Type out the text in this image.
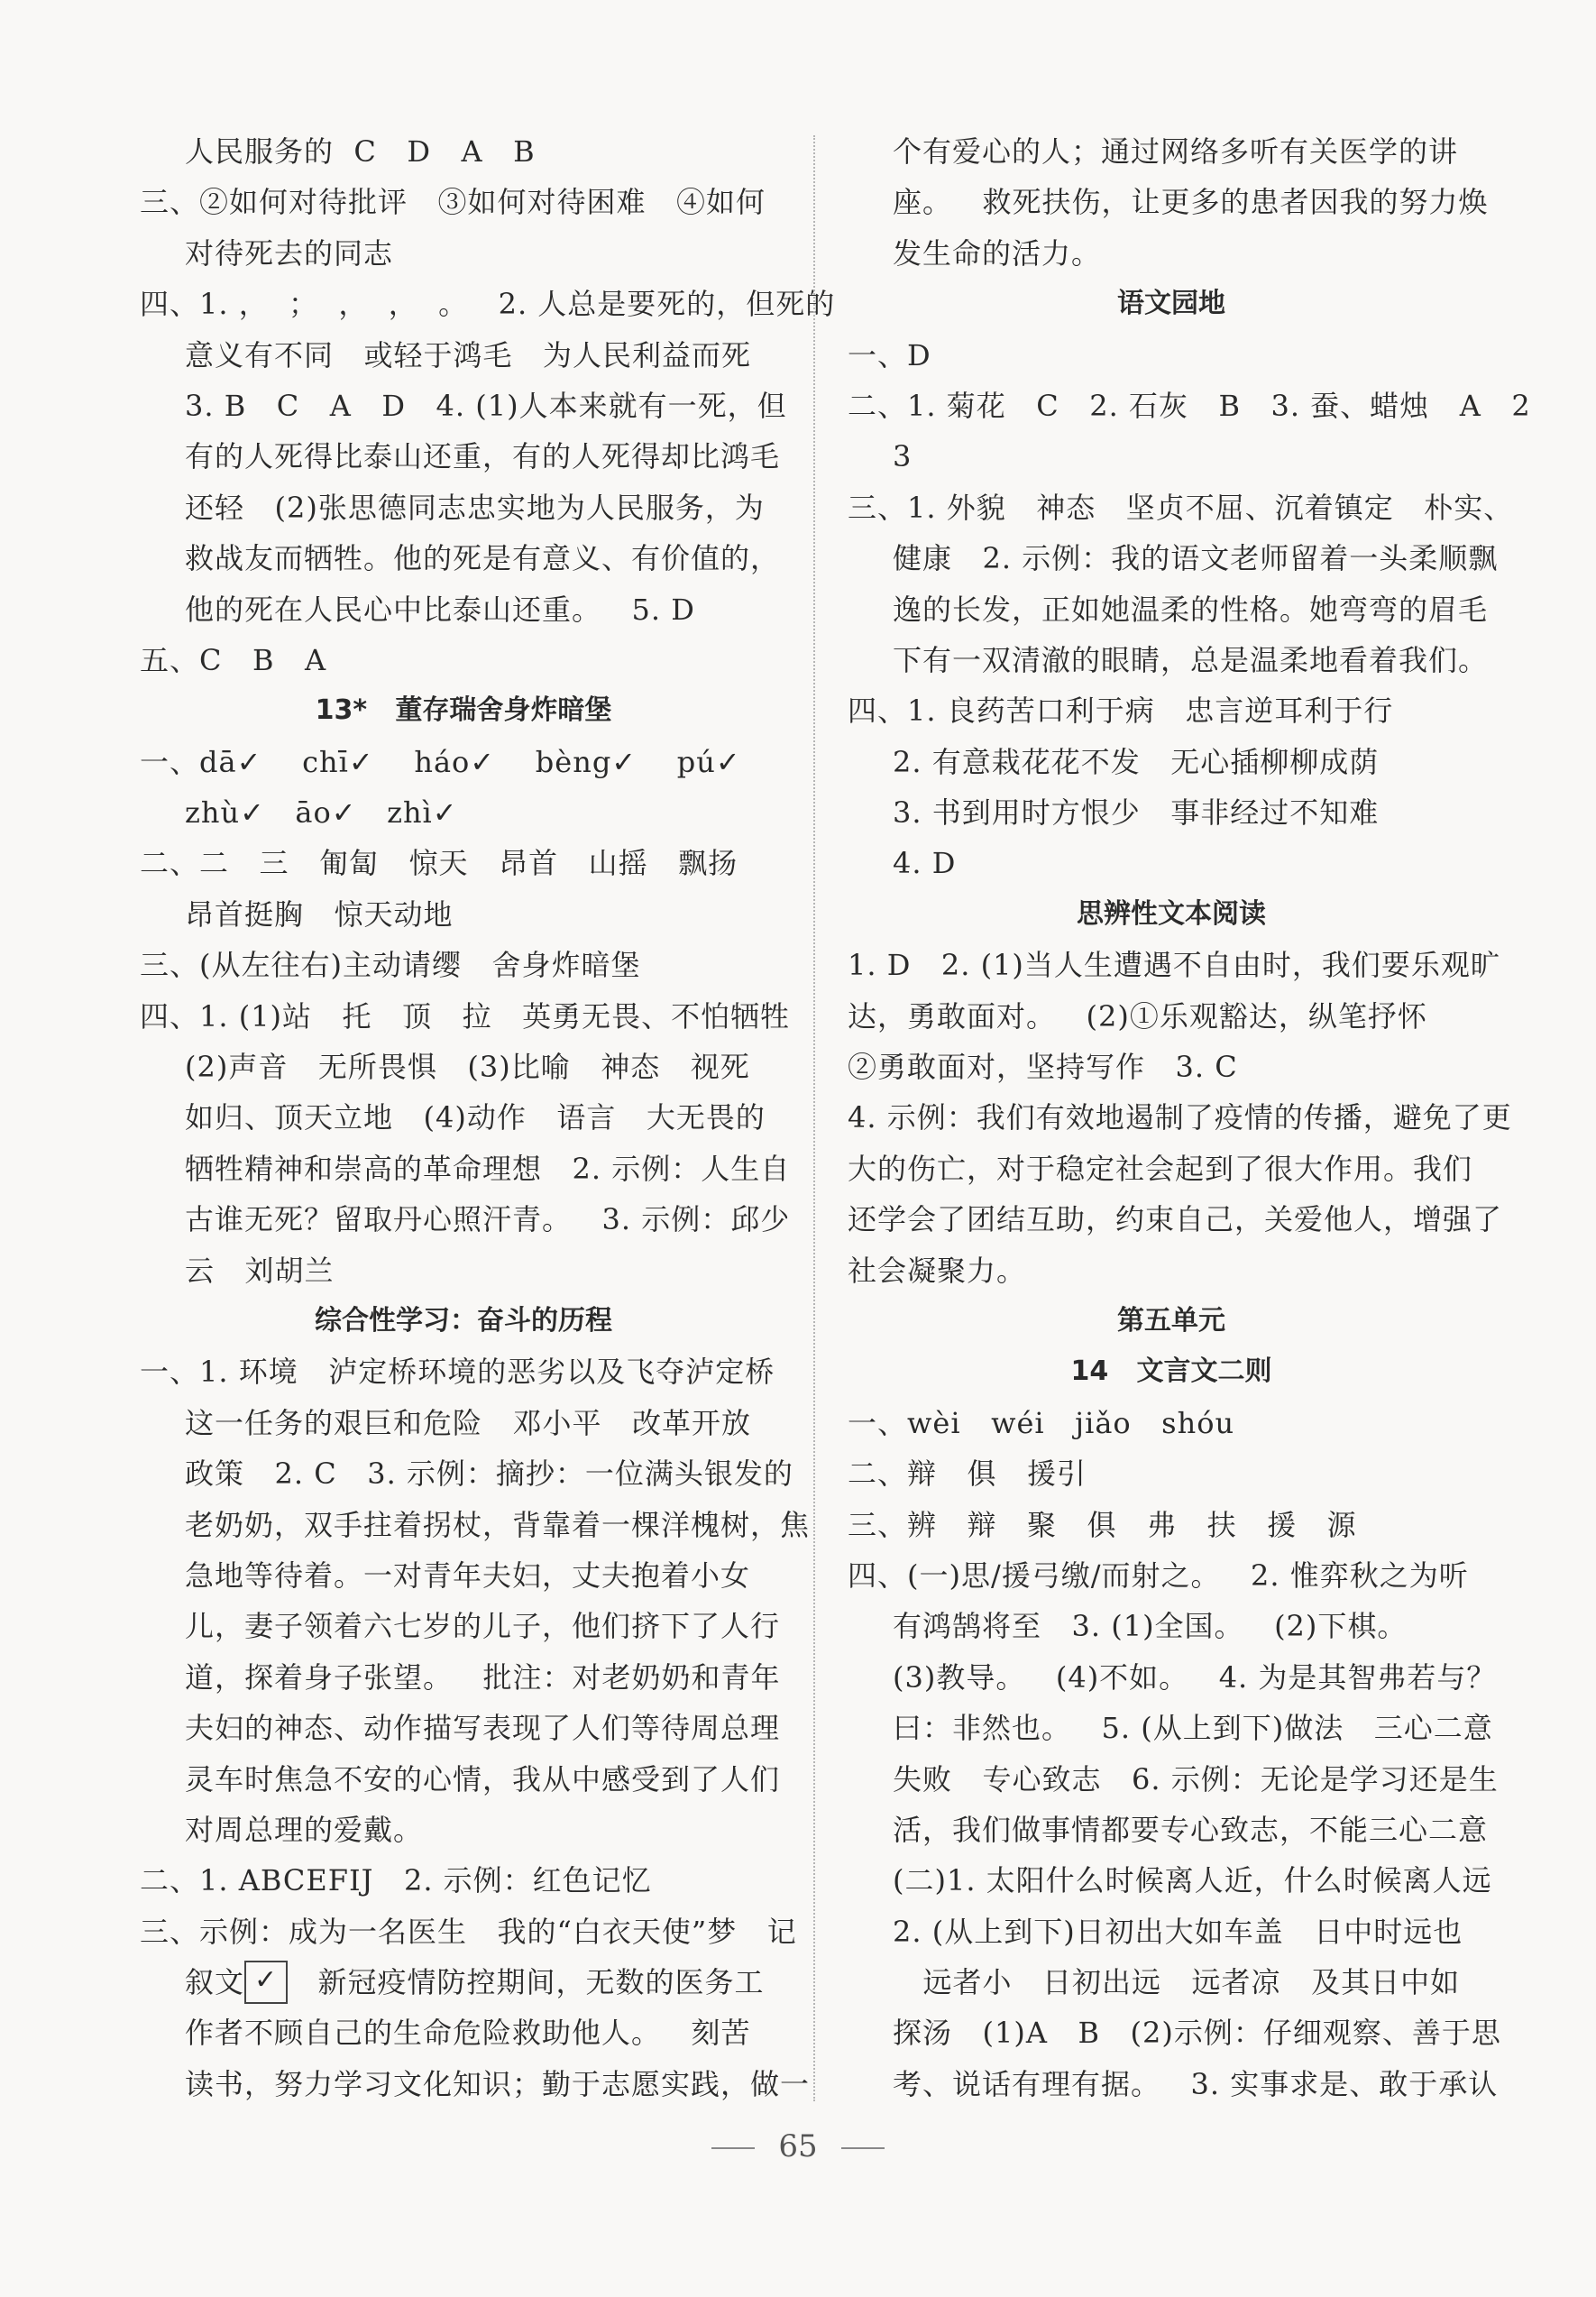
人民服务的  C   D   A   B
三、②如何对待批评   ③如何对待困难   ④如何
对待死去的同志
四、1. ，  ；  ，  ，  。   2. 人总是要死的，但死的
意义有不同   或轻于鸿毛   为人民利益而死
3. B   C   A   D   4. (1)人本来就有一死，但
有的人死得比泰山还重，有的人死得却比鸿毛
还轻   (2)张思德同志忠实地为人民服务，为
救战友而牺牲。他的死是有意义、有价值的，
他的死在人民心中比泰山还重。   5. D
五、C   B   A
13*   董存瑞舍身炸暗堡
一、dā✓    chī✓    háo✓    bèng✓    pú✓
zhù✓   āo✓   zhì✓
二、二   三   匍匐   惊天   昂首   山摇   飘扬
昂首挺胸   惊天动地
三、(从左往右)主动请缨   舍身炸暗堡
四、1. (1)站   托   顶   拉   英勇无畏、不怕牺牲
(2)声音   无所畏惧   (3)比喻   神态   视死
如归、顶天立地   (4)动作   语言   大无畏的
牺牲精神和崇高的革命理想   2. 示例：人生自
古谁无死？留取丹心照汗青。   3. 示例：邱少
云   刘胡兰
综合性学习：奋斗的历程
一、1. 环境   泸定桥环境的恶劣以及飞夺泸定桥
这一任务的艰巨和危险   邓小平   改革开放
政策   2. C   3. 示例：摘抄：一位满头银发的
老奶奶，双手拄着拐杖，背靠着一棵洋槐树，焦
急地等待着。一对青年夫妇，丈夫抱着小女
儿，妻子领着六七岁的儿子，他们挤下了人行
道，探着身子张望。   批注：对老奶奶和青年
夫妇的神态、动作描写表现了人们等待周总理
灵车时焦急不安的心情，我从中感受到了人们
对周总理的爱戴。
二、1. ABCEFIJ   2. 示例：红色记忆
三、示例：成为一名医生   我的“白衣天使”梦   记
叙文 ✓   新冠疫情防控期间，无数的医务工
作者不顾自己的生命危险救助他人。   刻苦
读书，努力学习文化知识；勤于志愿实践，做一
个有爱心的人；通过网络多听有关医学的讲
座。   救死扶伤，让更多的患者因我的努力焕
发生命的活力。
语文园地
一、D
二、1. 菊花   C   2. 石灰   B   3. 蚕、蜡烛   A   2
3
三、1. 外貌   神态   坚贞不屈、沉着镇定   朴实、
健康   2. 示例：我的语文老师留着一头柔顺飘
逸的长发，正如她温柔的性格。她弯弯的眉毛
下有一双清澈的眼睛，总是温柔地看着我们。
四、1. 良药苦口利于病   忠言逆耳利于行
2. 有意栽花花不发   无心插柳柳成荫
3. 书到用时方恨少   事非经过不知难
4. D
思辨性文本阅读
1. D   2. (1)当人生遭遇不自由时，我们要乐观旷
达，勇敢面对。   (2)①乐观豁达，纵笔抒怀
②勇敢面对，坚持写作   3. C
4. 示例：我们有效地遏制了疫情的传播，避免了更
大的伤亡，对于稳定社会起到了很大作用。我们
还学会了团结互助，约束自己，关爱他人，增强了
社会凝聚力。
第五单元
14   文言文二则
一、wèi   wéi   jiǎo   shóu
二、辩   俱   援引
三、辨   辩   聚   俱   弗   扶   援   源
四、(一)思/援弓缴/而射之。   2. 惟弈秋之为听
有鸿鹄将至   3. (1)全国。   (2)下棋。
(3)教导。   (4)不如。   4. 为是其智弗若与？
曰：非然也。   5. (从上到下)做法   三心二意
失败   专心致志   6. 示例：无论是学习还是生
活，我们做事情都要专心致志，不能三心二意
(二)1. 太阳什么时候离人近，什么时候离人远
2. (从上到下)日初出大如车盖   日中时远也
远者小   日初出远   远者凉   及其日中如
探汤   (1)A   B   (2)示例：仔细观察、善于思
考、说话有理有据。   3. 实事求是、敢于承认
65
